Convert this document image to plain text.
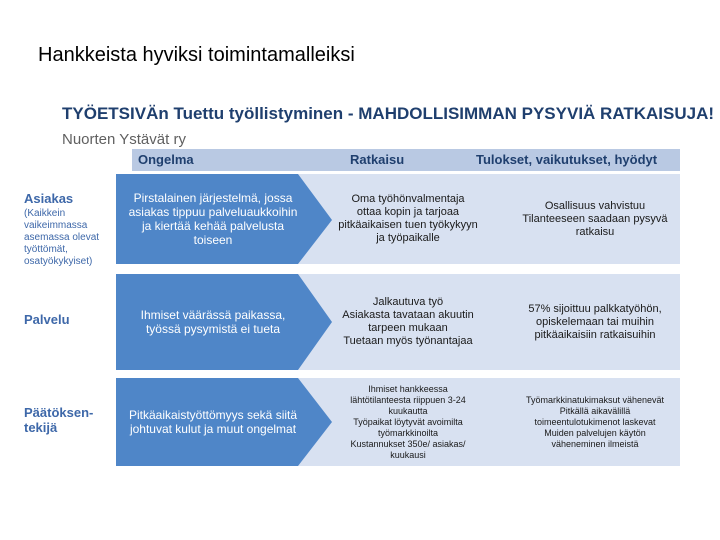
Hankkeista hyviksi toimintamalleiksi
TYÖETSIVÄn Tuettu työllistyminen - MAHDOLLISIMMAN PYSYVIÄ RATKAISUJA!
Nuorten Ystävät ry
Ongelma	Ratkaisu	Tulokset, vaikutukset, hyödyt
Asiakas
(Kaikkein vaikeimmassa asemassa olevat työttömät, osatyökykyiset)
Palvelu
Päätöksen-tekijä
Pirstalainen järjestelmä, jossa asiakas tippuu palveluaukkoihin ja kiertää kehää palvelusta toiseen
Oma työhönvalmentaja ottaa kopin ja tarjoaa pitkäaikaisen tuen työkykyyn ja työpaikalle
Osallisuus vahvistuu
Tilanteeseen saadaan pysyvä ratkaisu
Ihmiset väärässä paikassa, työssä pysymistä ei tueta
Jalkautuva työ
Asiakasta tavataan akuutin tarpeen mukaan
Tuetaan myös työnantajaa
57% sijoittuu palkkatyöhön, opiskelemaan tai muihin pitkäaikaisiin ratkaisuihin
Pitkäaikaistyöttömyys sekä siitä johtuvat kulut ja muut ongelmat
Ihmiset hankkeessa lähtötilanteesta riippuen 3-24 kuukautta
Työpaikat löytyvät avoimilta työmarkkinoilta
Kustannukset 350e/ asiakas/ kuukausi
Työmarkkinatukimaksut vähenevät
Pitkällä aikavälillä toimeentulotukimenot laskevat
Muiden palvelujen käytön väheneminen ilmeistä
